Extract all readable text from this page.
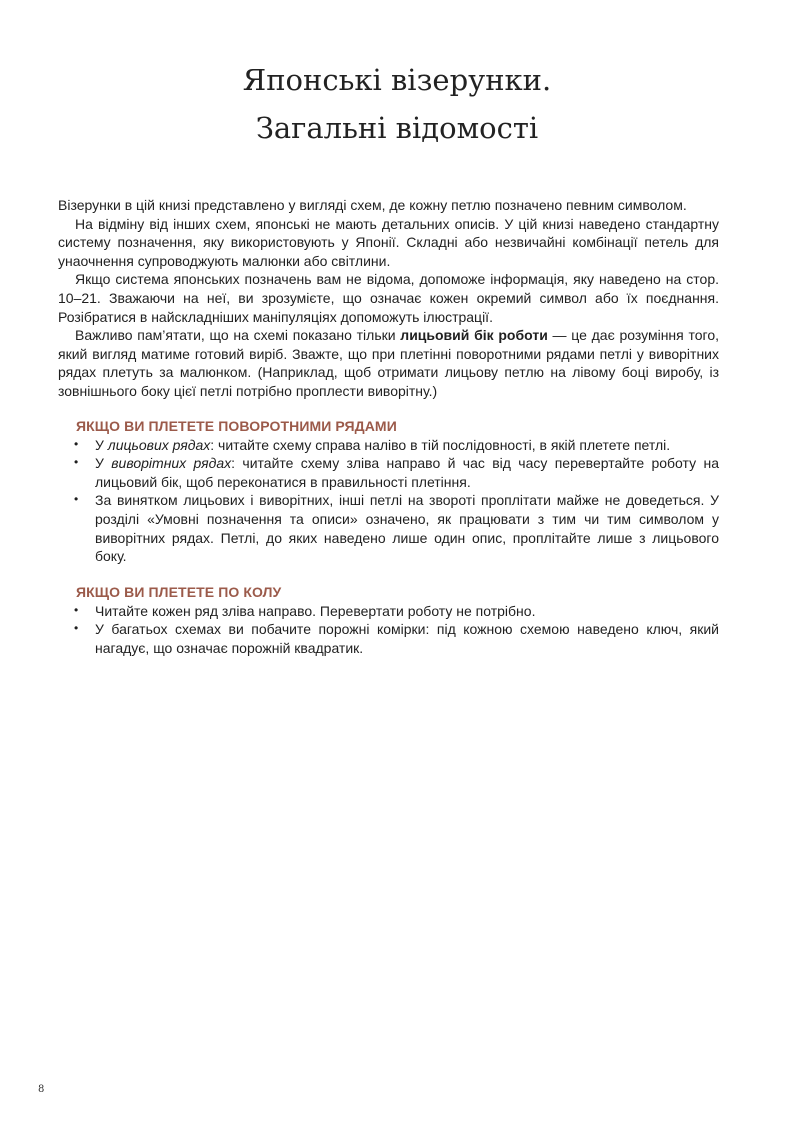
Японські візерунки.
Загальні відомості

Візерунки в цій книзі представлено у вигляді схем, де кожну петлю позначено певним символом.

На відміну від інших схем, японські не мають детальних описів. У цій книзі наведено стандартну систему позначення, яку використовують у Японії. Складні або незвичайні комбінації петель для унаочнення супроводжують малюнки або світлини.

Якщо система японських позначень вам не відома, допоможе інформація, яку наведено на стор. 10–21. Зважаючи на неї, ви зрозумієте, що означає кожен окремий символ або їх поєднання. Розібратися в найскладніших маніпуляціях допоможуть ілюстрації.

Важливо пам’ятати, що на схемі показано тільки лицьовий бік роботи — це дає розуміння того, який вигляд матиме готовий виріб. Зважте, що при плетінні поворотними рядами петлі у виворітних рядах плетуть за малюнком. (Наприклад, щоб отримати лицьову петлю на лівому боці виробу, із зовнішнього боку цієї петлі потрібно проплести виворітну.)

ЯКЩО ВИ ПЛЕТЕТЕ ПОВОРОТНИМИ РЯДАМИ
• У лицьових рядах: читайте схему справа наліво в тій послідовності, в якій плетете петлі.
• У виворітних рядах: читайте схему зліва направо й час від часу перевертайте роботу на лицьовий бік, щоб переконатися в правильності плетіння.
• За винятком лицьових і виворітних, інші петлі на звороті проплітати майже не доведеться. У розділі «Умовні позначення та описи» означено, як працювати з тим чи тим символом у виворітних рядах. Петлі, до яких наведено лише один опис, проплітайте лише з лицьового боку.
ЯКЩО ВИ ПЛЕТЕТЕ ПО КОЛУ
• Читайте кожен ряд зліва направо. Перевертати роботу не потрібно.
• У багатьох схемах ви побачите порожні комірки: під кожною схемою наведено ключ, який нагадує, що означає порожній квадратик.
8
